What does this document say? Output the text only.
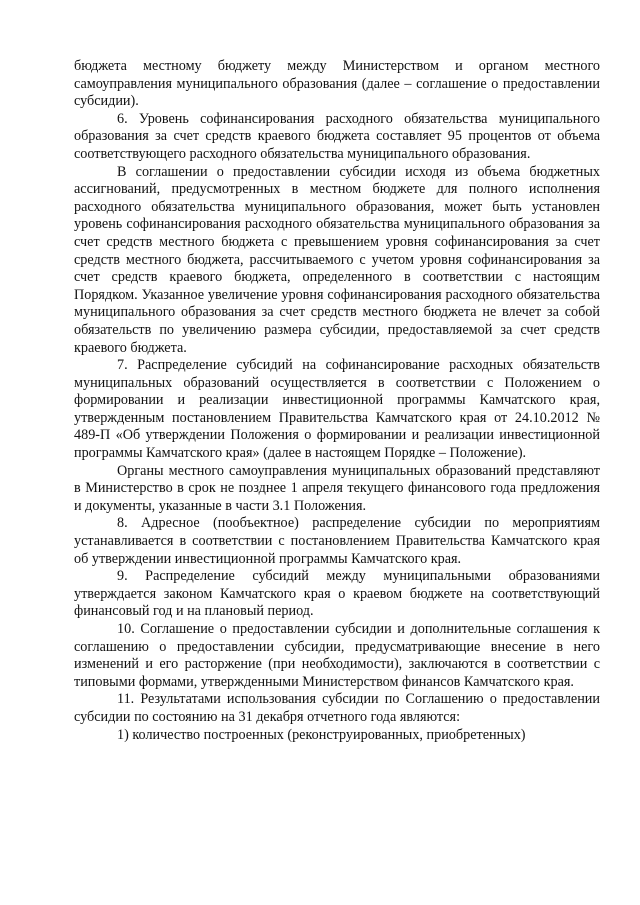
бюджета местному бюджету между Министерством и органом местного самоуправления муниципального образования (далее – соглашение о предоставлении субсидии).

6. Уровень софинансирования расходного обязательства муниципального образования за счет средств краевого бюджета составляет 95 процентов от объема соответствующего расходного обязательства муниципального образования.

В соглашении о предоставлении субсидии исходя из объема бюджетных ассигнований, предусмотренных в местном бюджете для полного исполнения расходного обязательства муниципального образования, может быть установлен уровень софинансирования расходного обязательства муниципального образования за счет средств местного бюджета с превышением уровня софинансирования за счет средств местного бюджета, рассчитываемого с учетом уровня софинансирования за счет средств краевого бюджета, определенного в соответствии с настоящим Порядком. Указанное увеличение уровня софинансирования расходного обязательства муниципального образования за счет средств местного бюджета не влечет за собой обязательств по увеличению размера субсидии, предоставляемой за счет средств краевого бюджета.

7. Распределение субсидий на софинансирование расходных обязательств муниципальных образований осуществляется в соответствии с Положением о формировании и реализации инвестиционной программы Камчатского края, утвержденным постановлением Правительства Камчатского края от 24.10.2012 № 489-П «Об утверждении Положения о формировании и реализации инвестиционной программы Камчатского края» (далее в настоящем Порядке – Положение).

Органы местного самоуправления муниципальных образований представляют в Министерство в срок не позднее 1 апреля текущего финансового года предложения и документы, указанные в части 3.1 Положения.

8. Адресное (пообъектное) распределение субсидии по мероприятиям устанавливается в соответствии с постановлением Правительства Камчатского края об утверждении инвестиционной программы Камчатского края.

9. Распределение субсидий между муниципальными образованиями утверждается законом Камчатского края о краевом бюджете на соответствующий финансовый год и на плановый период.

10. Соглашение о предоставлении субсидии и дополнительные соглашения к соглашению о предоставлении субсидии, предусматривающие внесение в него изменений и его расторжение (при необходимости), заключаются в соответствии с типовыми формами, утвержденными Министерством финансов Камчатского края.

11. Результатами использования субсидии по Соглашению о предоставлении субсидии по состоянию на 31 декабря отчетного года являются:

1) количество построенных (реконструированных, приобретенных)
